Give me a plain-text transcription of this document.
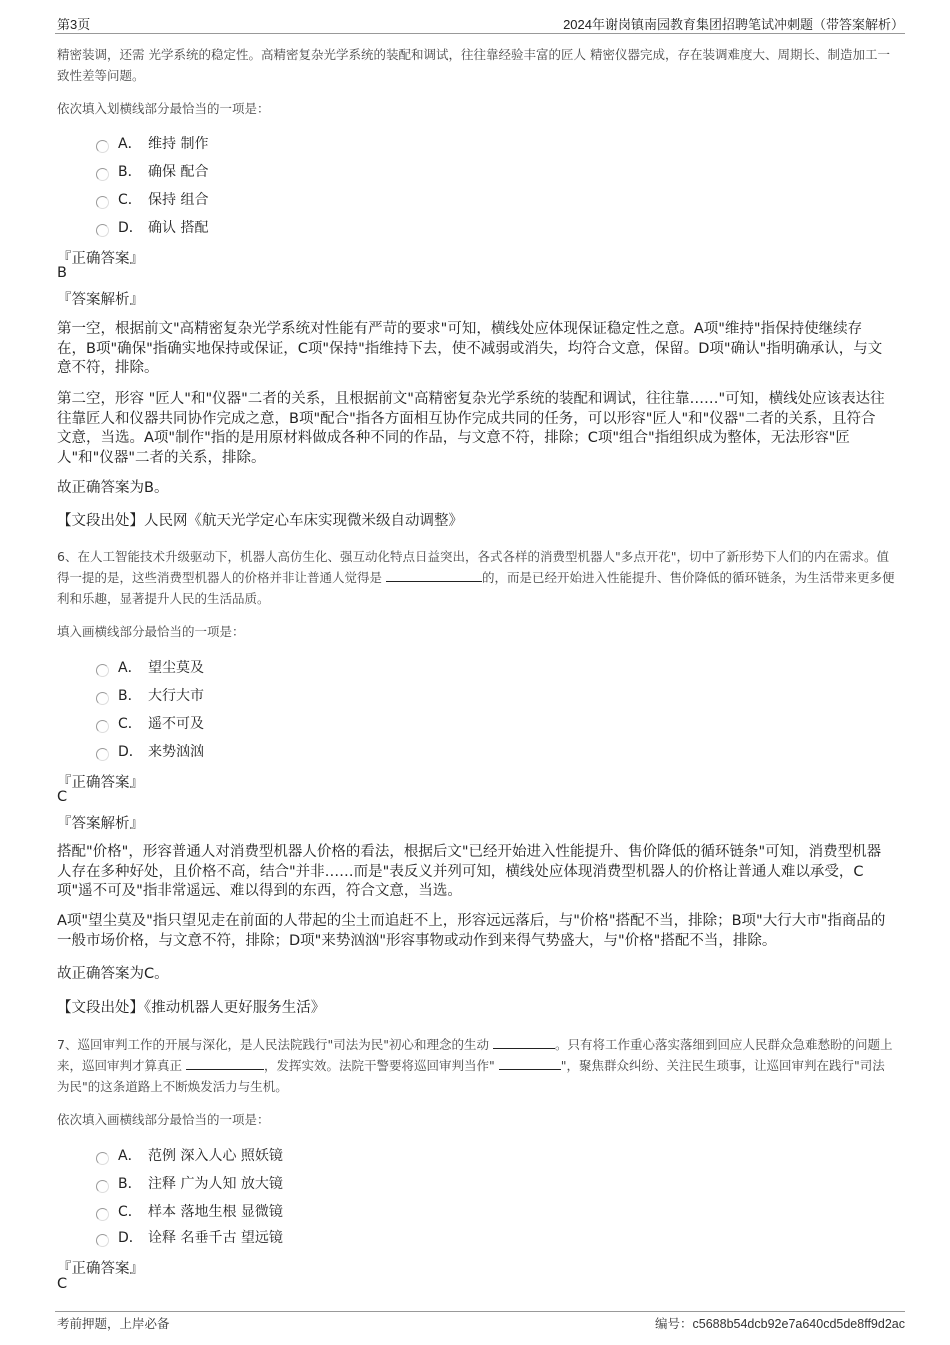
第3页	2024年谢岗镇南园教育集团招聘笔试冲刺题（带答案解析）
精密装调，还需 光学系统的稳定性。高精密复杂光学系统的装配和调试，往往靠经验丰富的匠人 精密仪器完成，存在装调难度大、周期长、制造加工一致性差等问题。
依次填入划横线部分最恰当的一项是：
A． 维持 制作
B． 确保 配合
C． 保持 组合
D． 确认 搭配
『正确答案』
B
『答案解析』
第一空，根据前文"高精密复杂光学系统对性能有严苛的要求"可知，横线处应体现保证稳定性之意。A项"维持"指保持使继续存在，B项"确保"指确实地保持或保证，C项"保持"指维持下去，使不减弱或消失，均符合文意，保留。D项"确认"指明确承认，与文意不符，排除。
第二空，形容 "匠人"和"仪器"二者的关系，且根据前文"高精密复杂光学系统的装配和调试，往往靠……"可知，横线处应该表达往往靠匠人和仪器共同协作完成之意，B项"配合"指各方面相互协作完成共同的任务，可以形容"匠人"和"仪器"二者的关系，且符合文意，当选。A项"制作"指的是用原材料做成各种不同的作品，与文意不符，排除；C项"组合"指组织成为整体，无法形容"匠人"和"仪器"二者的关系，排除。
故正确答案为B。
【文段出处】人民网《航天光学定心车床实现微米级自动调整》
6、在人工智能技术升级驱动下，机器人高仿生化、强互动化特点日益突出，各式各样的消费型机器人"多点开花"，切中了新形势下人们的内在需求。值得一提的是，这些消费型机器人的价格并非让普通人觉得是	的，而是已经开始进入性能提升、售价降低的循环链条，为生活带来更多便利和乐趣，显著提升人民的生活品质。
填入画横线部分最恰当的一项是：
A． 望尘莫及
B． 大行大市
C． 遥不可及
D． 来势汹汹
『正确答案』
C
『答案解析』
搭配"价格"，形容普通人对消费型机器人价格的看法，根据后文"已经开始进入性能提升、售价降低的循环链条"可知，消费型机器人存在多种好处，且价格不高，结合"并非……而是"表反义并列可知，横线处应体现消费型机器人的价格让普通人难以承受，C项"遥不可及"指非常遥远、难以得到的东西，符合文意，当选。
A项"望尘莫及"指只望见走在前面的人带起的尘土而追赶不上，形容远远落后，与"价格"搭配不当，排除；B项"大行大市"指商品的一般市场价格，与文意不符，排除；D项"来势汹汹"形容事物或动作到来得气势盛大，与"价格"搭配不当，排除。
故正确答案为C。
【文段出处】《推动机器人更好服务生活》
7、巡回审判工作的开展与深化，是人民法院践行"司法为民"初心和理念的生动	。只有将工作重心落实落细到回应人民群众急难愁盼的问题上来，巡回审判才算真正	，发挥实效。法院干警要将巡回审判当作"	"，聚焦群众纠纷、关注民生琐事，让巡回审判在践行"司法为民"的这条道路上不断焕发活力与生机。
依次填入画横线部分最恰当的一项是：
A． 范例 深入人心 照妖镜
B． 注释 广为人知 放大镜
C． 样本 落地生根 显微镜
D． 诠释 名垂千古 望远镜
『正确答案』
C
考前押题，上岸必备	编号：c5688b54dcb92e7a640cd5de8ff9d2ac
